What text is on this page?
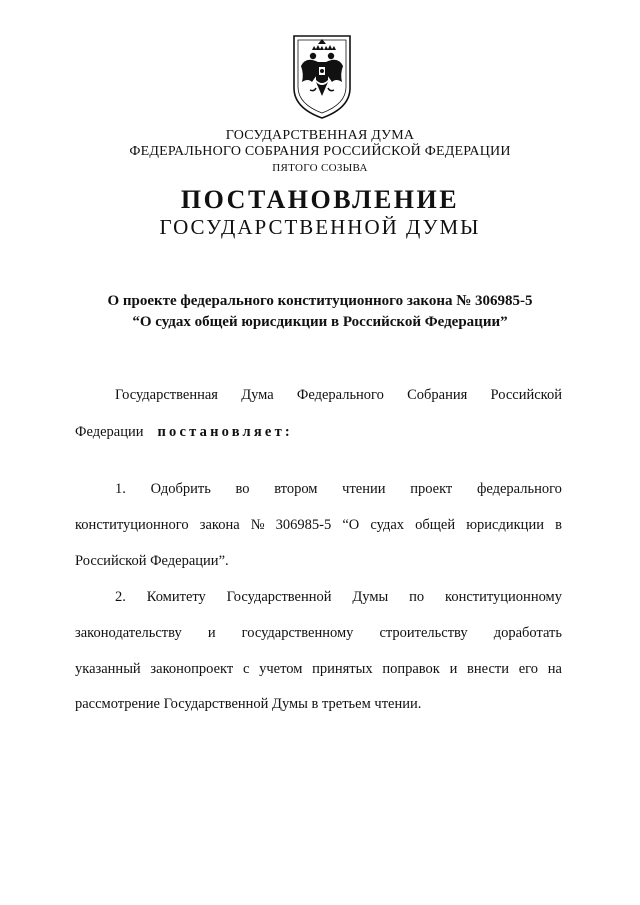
ГОСУДАРСТВЕННАЯ ДУМА
ФЕДЕРАЛЬНОГО СОБРАНИЯ РОССИЙСКОЙ ФЕДЕРАЦИИ
ПЯТОГО СОЗЫВА
ПОСТАНОВЛЕНИЕ
ГОСУДАРСТВЕННОЙ ДУМЫ
О проекте федерального конституционного закона № 306985-5
“О судах общей юрисдикции в Российской Федерации”
Государственная Дума Федерального Собрания Российской
Федерации постановляет:
1. Одобрить во втором чтении проект федерального
конституционного закона № 306985-5 “О судах общей юрисдикции в
Российской Федерации”.
2. Комитету Государственной Думы по конституционному
законодательству и государственному строительству доработать
указанный законопроект с учетом принятых поправок и внести его на
рассмотрение Государственной Думы в третьем чтении.
